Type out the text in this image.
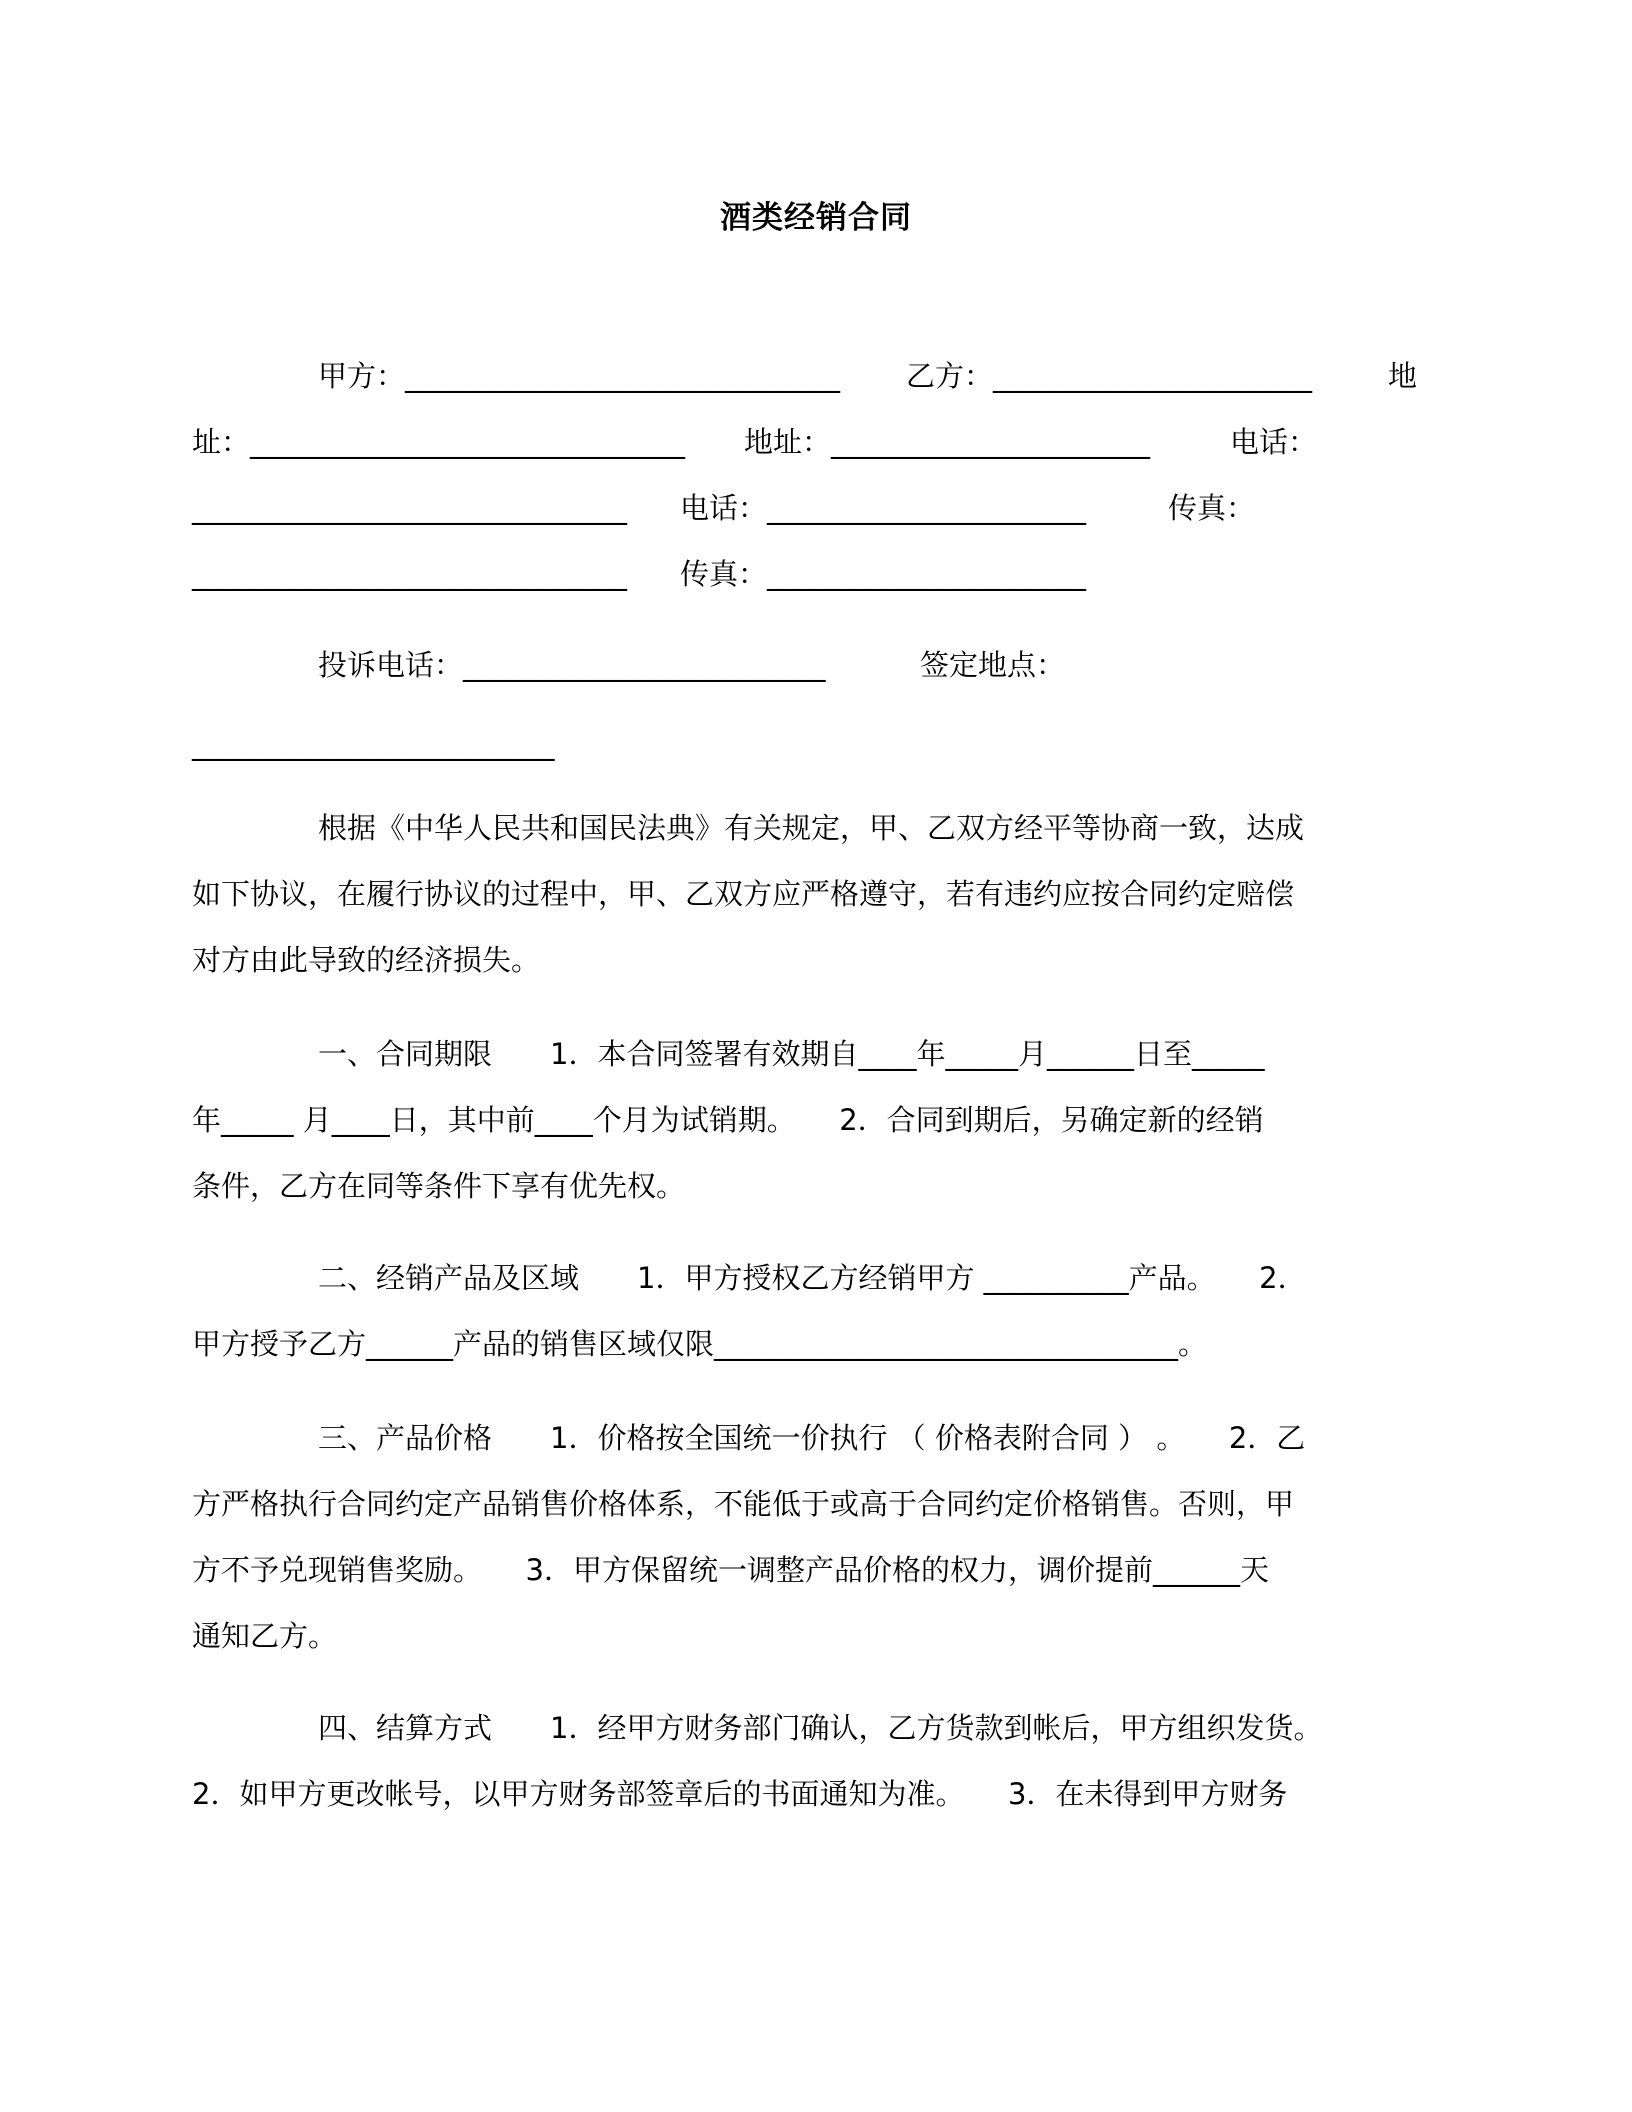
酒类经销合同

甲方：______________________________

乙方：______________________

	地

址：______________________________

地址：______________________

	电话：

______________________________

电话：______________________

	传真：

______________________________

传真：______________________

投诉电话：_________________________

	签定地点：

_________________________

根据《中华人民共和国民法典》有关规定，甲、乙双方经平等协商一致，达成
如下协议，在履行协议的过程中，甲、乙双方应严格遵守，若有违约应按合同约定赔偿
对方由此导致的经济损失。
一、合同期限　　1．本合同签署有效期自____年_____月______日至_____
年_____ 月____日，其中前____个月为试销期。　　2．合同到期后，另确定新的经销
条件，乙方在同等条件下享有优先权。
二、经销产品及区域　　1．甲方授权乙方经销甲方 __________产品。　　2．
甲方授予乙方______产品的销售区域仅限________________________________。
三、产品价格　　1．价格按全国统一价执行 （ 价格表附合同 ） 。　　2．乙
方严格执行合同约定产品销售价格体系，不能低于或高于合同约定价格销售。否则，甲
方不予兑现销售奖励。　　3．甲方保留统一调整产品价格的权力，调价提前______天
通知乙方。
四、结算方式　　1．经甲方财务部门确认，乙方货款到帐后，甲方组织发货。
2．如甲方更改帐号，以甲方财务部签章后的书面通知为准。　　3．在未得到甲方财务
